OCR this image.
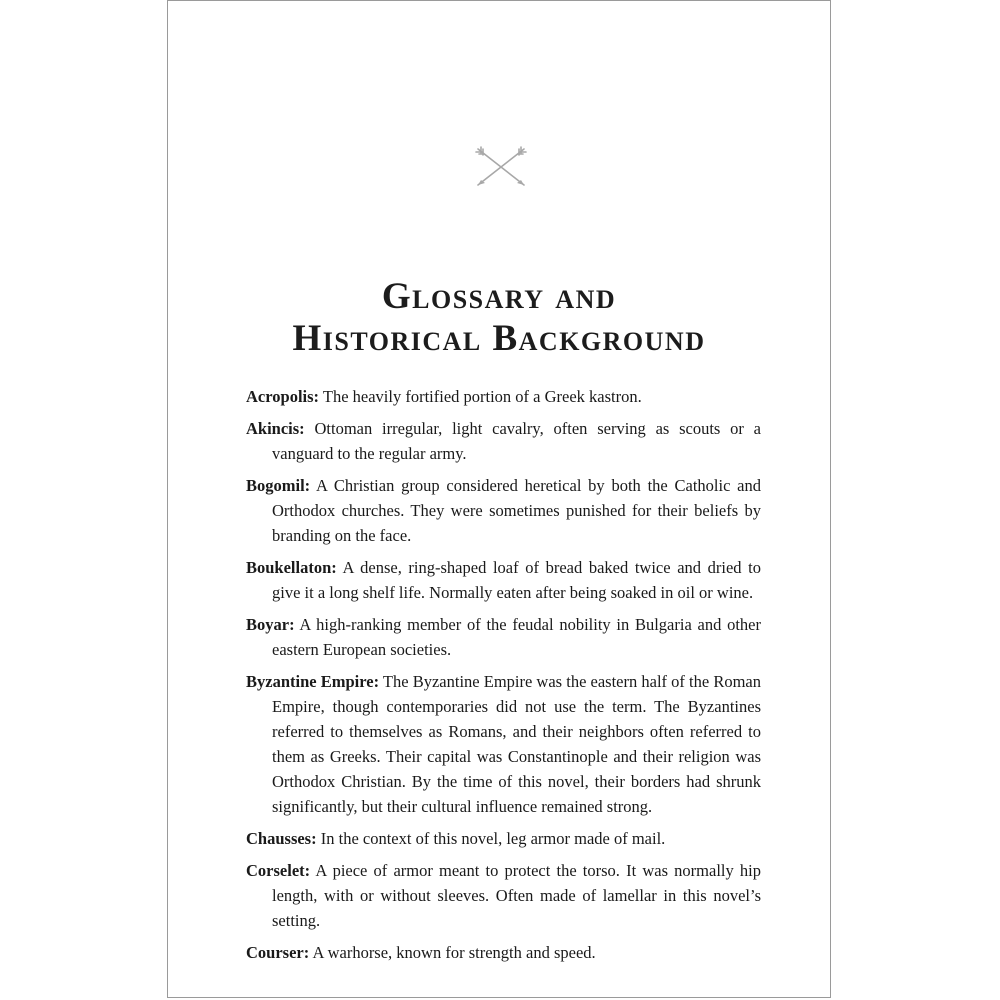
Glossary and
Historical Background
Acropolis: The heavily fortified portion of a Greek kastron.
Akincis: Ottoman irregular, light cavalry, often serving as scouts or a vanguard to the regular army.
Bogomil: A Christian group considered heretical by both the Catholic and Orthodox churches. They were sometimes punished for their beliefs by branding on the face.
Boukellaton: A dense, ring-shaped loaf of bread baked twice and dried to give it a long shelf life. Normally eaten after being soaked in oil or wine.
Boyar: A high-ranking member of the feudal nobility in Bulgaria and other eastern European societies.
Byzantine Empire: The Byzantine Empire was the eastern half of the Roman Empire, though contemporaries did not use the term. The Byzantines referred to themselves as Romans, and their neighbors often referred to them as Greeks. Their capital was Constantinople and their religion was Orthodox Christian. By the time of this novel, their borders had shrunk significantly, but their cultural influence remained strong.
Chausses: In the context of this novel, leg armor made of mail.
Corselet: A piece of armor meant to protect the torso. It was normally hip length, with or without sleeves. Often made of lamellar in this novel’s setting.
Courser: A warhorse, known for strength and speed.
